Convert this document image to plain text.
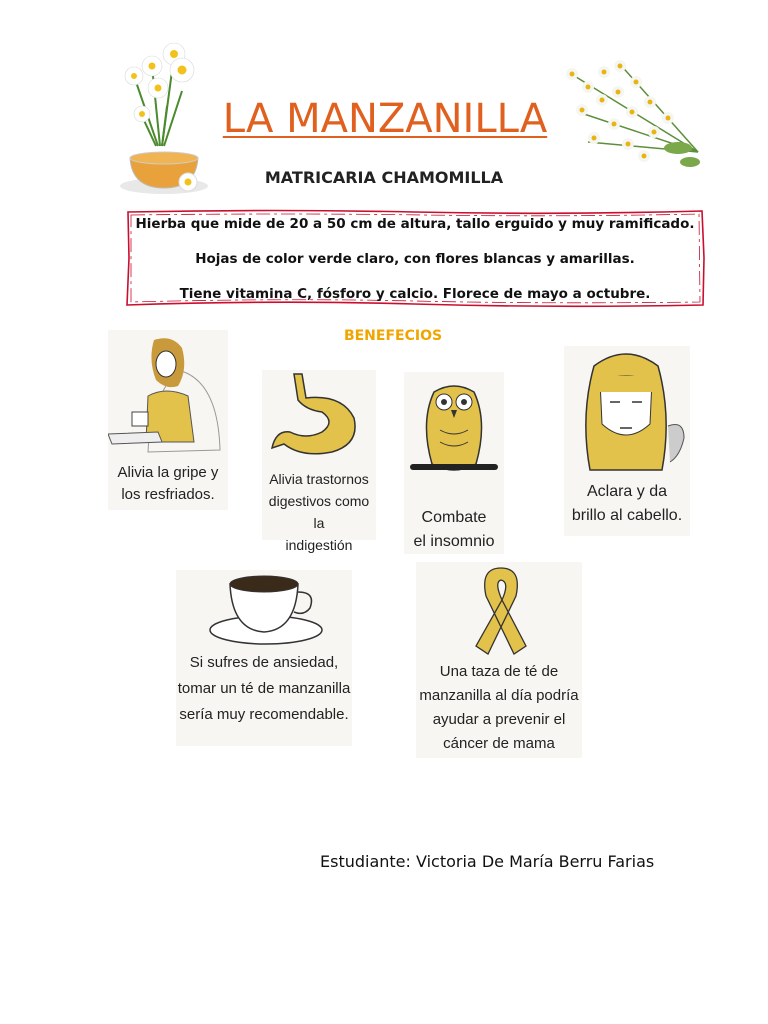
LA MANZANILLA
MATRICARIA CHAMOMILLA
Hierba que mide de 20 a 50 cm de altura, tallo erguido y muy ramificado.
Hojas de color verde claro, con flores blancas y amarillas.
Tiene vitamina C, fósforo y calcio. Florece de mayo a octubre.
BENEFECIOS
Alivia la gripe y
los resfriados.
Alivia trastornos
digestivos como la
indigestión
Combate
el insomnio
Aclara y da
brillo al cabello.
Si sufres de ansiedad,
tomar un té de manzanilla
sería muy recomendable.
Una taza de té de
manzanilla al día podría
ayudar a prevenir el
cáncer de mama
Estudiante: Victoria De María Berru Farias
